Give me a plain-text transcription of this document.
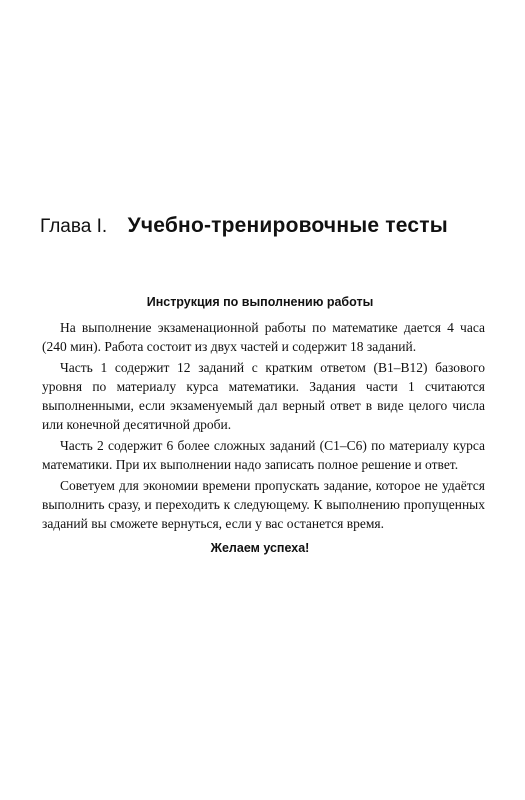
Глава I. Учебно-тренировочные тесты
Инструкция по выполнению работы

На выполнение экзаменационной работы по математике дается 4 часа (240 мин). Работа состоит из двух частей и содержит 18 заданий.

Часть 1 содержит 12 заданий с кратким ответом (B1–B12) базового уровня по материалу курса математики. Задания части 1 считаются выполненными, если экзаменуемый дал верный ответ в виде целого числа или конечной десятичной дроби.

Часть 2 содержит 6 более сложных заданий (C1–C6) по материалу курса математики. При их выполнении надо записать полное решение и ответ.

Советуем для экономии времени пропускать задание, которое не удаётся выполнить сразу, и переходить к следующему. К выполнению пропущенных заданий вы сможете вернуться, если у вас останется время.

Желаем успеха!
